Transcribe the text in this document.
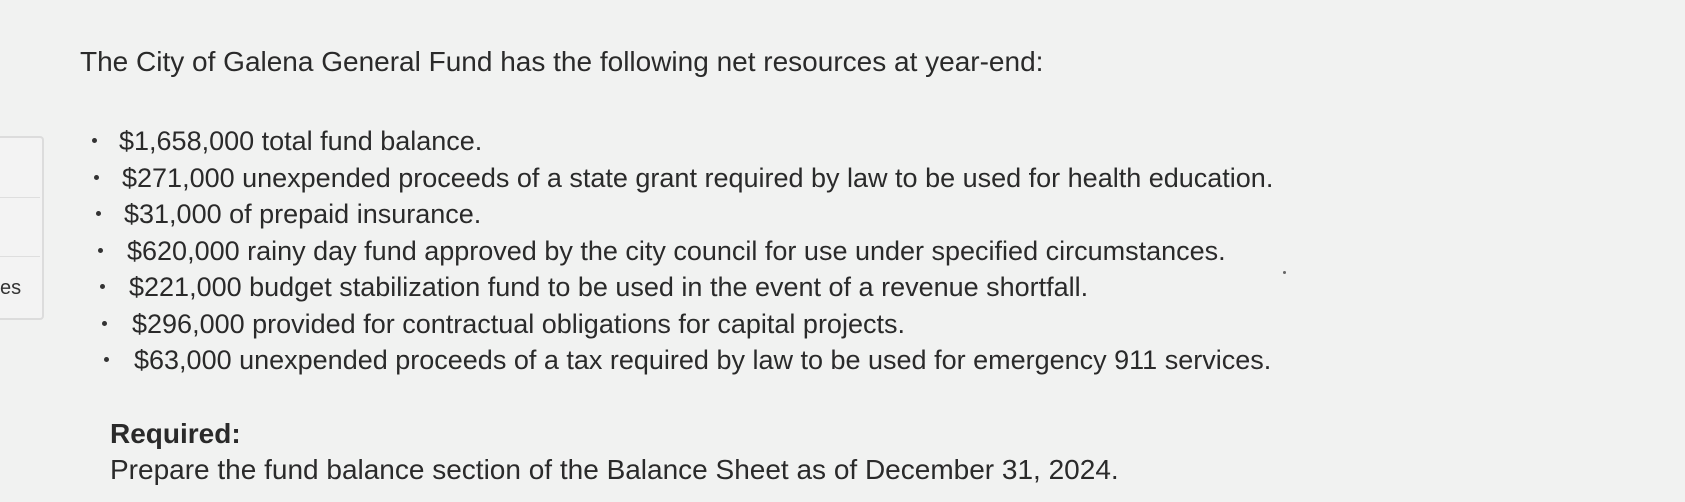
es
The City of Galena General Fund has the following net resources at year-end:
$1,658,000 total fund balance.
$271,000 unexpended proceeds of a state grant required by law to be used for health education.
$31,000 of prepaid insurance.
$620,000 rainy day fund approved by the city council for use under specified circumstances.
$221,000 budget stabilization fund to be used in the event of a revenue shortfall.
$296,000 provided for contractual obligations for capital projects.
$63,000 unexpended proceeds of a tax required by law to be used for emergency 911 services.
Required:
Prepare the fund balance section of the Balance Sheet as of December 31, 2024.
